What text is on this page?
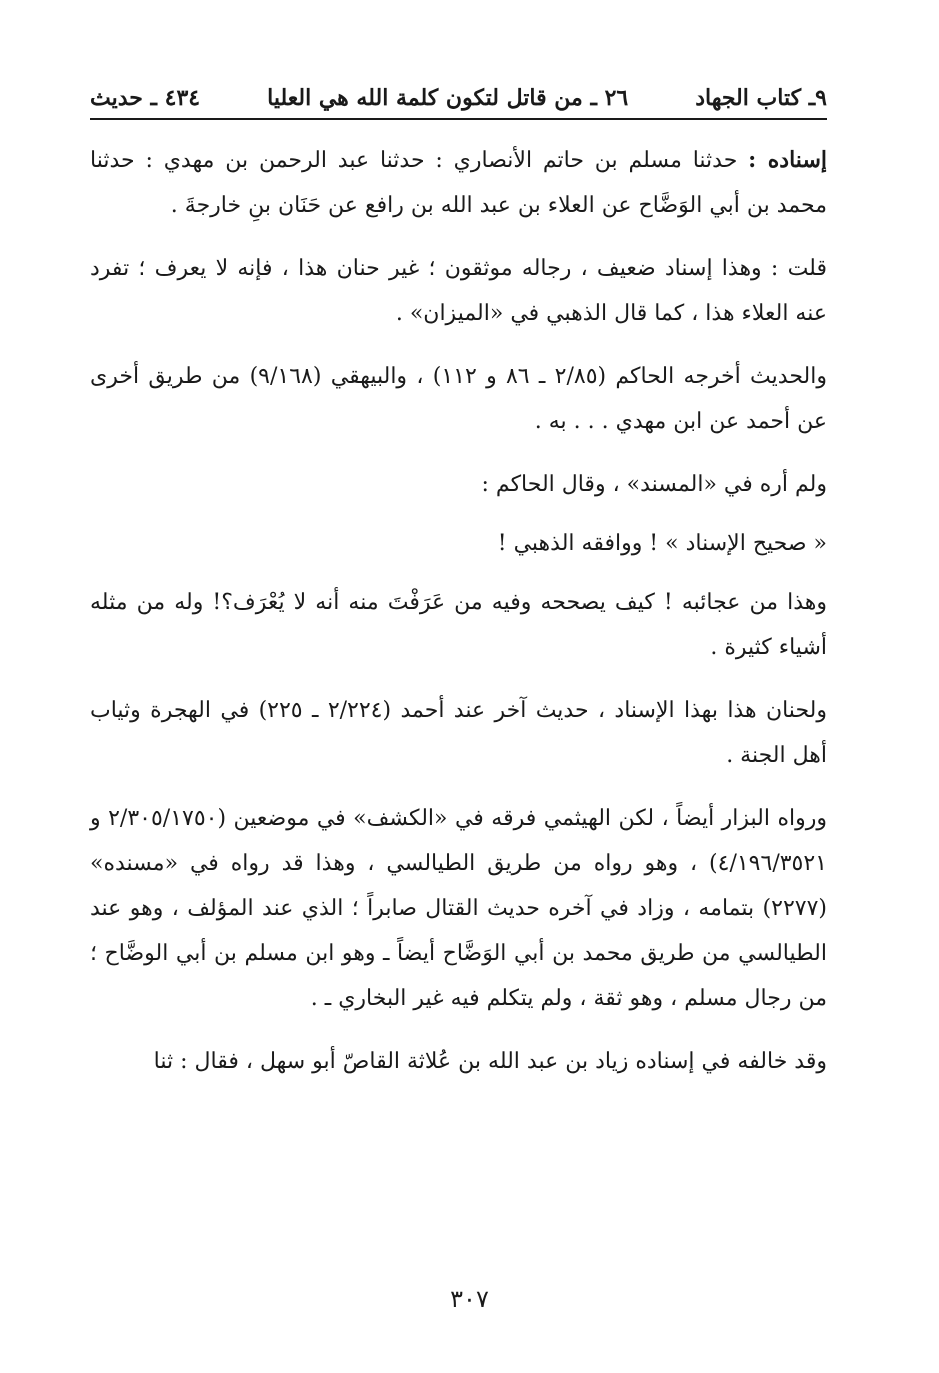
٩ـ كتاب الجهاد
٢٦ ـ من قاتل لتكون كلمة الله هي العليا
٤٣٤ ـ حديث

إسناده : حدثنا مسلم بن حاتم الأنصاري : حدثنا عبد الرحمن بن مهدي : حدثنا محمد بن أبي الوَضَّاح عن العلاء بن عبد الله بن رافع عن حَنَان بنِ خارجةَ .

قلت : وهذا إسناد ضعيف ، رجاله موثقون ؛ غير حنان هذا ، فإنه لا يعرف ؛ تفرد عنه العلاء هذا ، كما قال الذهبي في «الميزان» .

والحديث أخرجه الحاكم (٢/٨٥ ـ ٨٦ و ١١٢) ، والبيهقي (٩/١٦٨) من طريق أخرى عن أحمد عن ابن مهدي . . . به .

ولم أره في «المسند» ، وقال الحاكم :

« صحيح الإسناد » ! ووافقه الذهبي !

وهذا من عجائبه ! كيف يصححه وفيه من عَرَفْتَ منه أنه لا يُعْرَف؟! وله من مثله أشياء كثيرة .

ولحنان هذا بهذا الإسناد ، حديث آخر عند أحمد (٢/٢٢٤ ـ ٢٢٥) في الهجرة وثياب أهل الجنة .

ورواه البزار أيضاً ، لكن الهيثمي فرقه في «الكشف» في موضعين (٢/٣٠٥/١٧٥٠ و ٤/١٩٦/٣٥٢١) ، وهو رواه من طريق الطيالسي ، وهذا قد رواه في «مسنده» (٢٢٧٧) بتمامه ، وزاد في آخره حديث القتال صابراً ؛ الذي عند المؤلف ، وهو عند الطيالسي من طريق محمد بن أبي الوَضَّاح أيضاً ـ وهو ابن مسلم بن أبي الوضَّاح ؛ من رجال مسلم ، وهو ثقة ، ولم يتكلم فيه غير البخاري ـ .

وقد خالفه في إسناده زياد بن عبد الله بن عُلاثة القاصّ أبو سهل ، فقال : ثنا

٣٠٧
